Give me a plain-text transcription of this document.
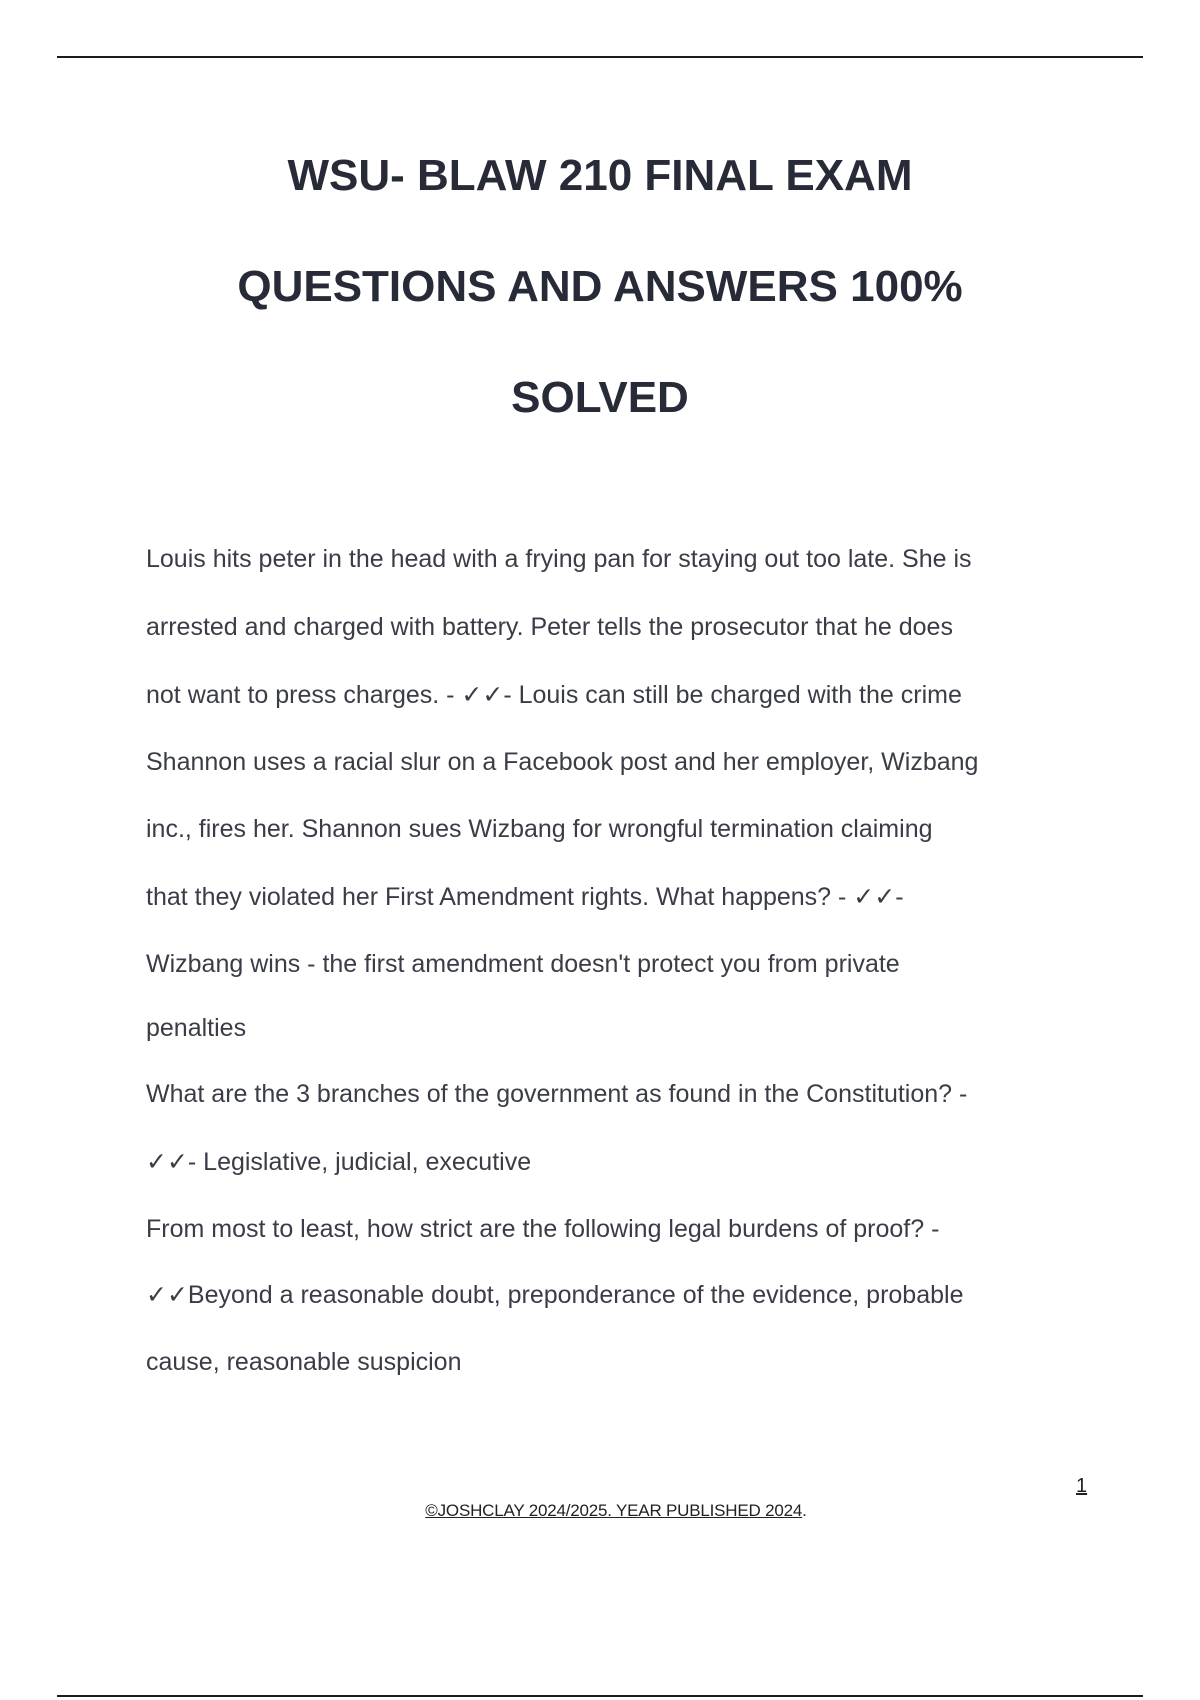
WSU- BLAW 210 FINAL EXAM
QUESTIONS AND ANSWERS 100%
SOLVED
Louis hits peter in the head with a frying pan for staying out too late. She is
arrested and charged with battery. Peter tells the prosecutor that he does
not want to press charges. - ✓✓- Louis can still be charged with the crime
Shannon uses a racial slur on a Facebook post and her employer, Wizbang
inc., fires her. Shannon sues Wizbang for wrongful termination claiming
that they violated her First Amendment rights. What happens? - ✓✓-
Wizbang wins - the first amendment doesn't protect you from private
penalties
What are the 3 branches of the government as found in the Constitution? -
✓✓- Legislative, judicial, executive
From most to least, how strict are the following legal burdens of proof? -
✓✓Beyond a reasonable doubt, preponderance of the evidence, probable
cause, reasonable suspicion
1
©JOSHCLAY 2024/2025. YEAR PUBLISHED 2024.
